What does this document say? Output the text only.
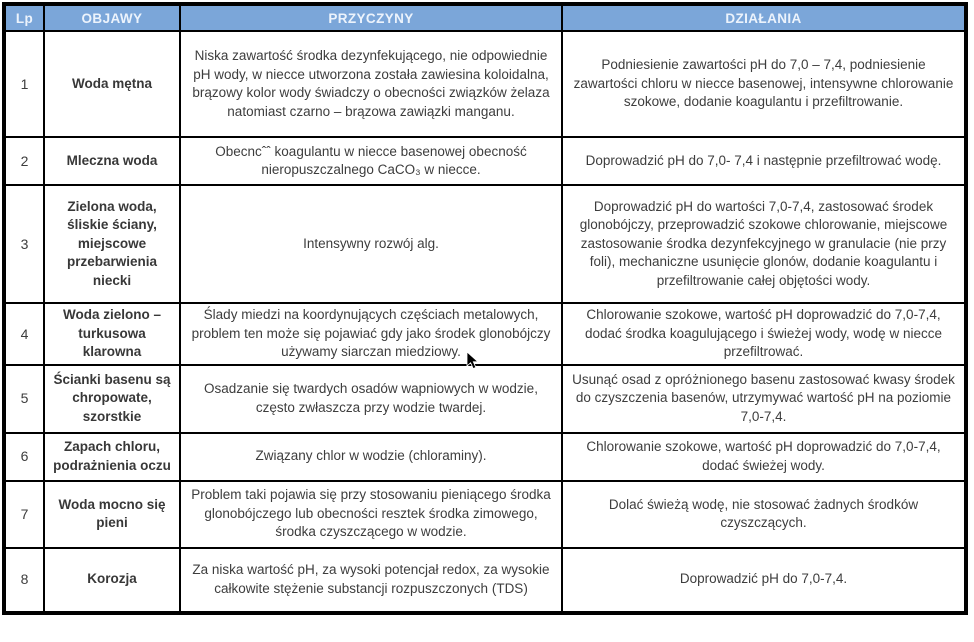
Lp	OBJAWY	PRZYCZYNY	DZIAŁANIA
1	Woda mętna	Niska zawartość środka dezynfekującego, nie odpowiednie pH wody, w niecce utworzona została zawiesina koloidalna, brązowy kolor wody świadczy o obecności związków żelaza natomiast czarno – brązowa zawiązki manganu.	Podniesienie zawartości pH do 7,0 – 7,4, podniesienie zawartości chloru w niecce basenowej, intensywne chlorowanie szokowe, dodanie koagulantu i przefiltrowanie.
2	Mleczna woda	Obecncˆˆ koagulantu w niecce basenowej obecność nieropuszczalnego CaCO₃ w niecce.	Doprowadzić pH do 7,0- 7,4 i następnie przefiltrować wodę.
3	Zielona woda, śliskie ściany, miejscowe przebarwienia niecki	Intensywny rozwój alg.	Doprowadzić pH do wartości 7,0-7,4, zastosować środek glonobójczy, przeprowadzić szokowe chlorowanie, miejscowe zastosowanie środka dezynfekcyjnego w granulacie (nie przy foli), mechaniczne usunięcie glonów, dodanie koagulantu i przefiltrowanie całej objętości wody.
4	Woda zielono – turkusowa klarowna	Ślady miedzi na koordynujących częściach metalowych, problem ten może się pojawiać gdy jako środek glonobójczy używamy siarczan miedziowy.	Chlorowanie szokowe, wartość pH doprowadzić do 7,0-7,4, dodać środka koagulującego i świeżej wody, wodę w niecce przefiltrować.
5	Ścianki basenu są chropowate, szorstkie	Osadzanie się twardych osadów wapniowych w wodzie, często zwłaszcza przy wodzie twardej.	Usunąć osad z opróżnionego basenu zastosować kwasy środek do czyszczenia basenów, utrzymywać wartość pH na poziomie 7,0-7,4.
6	Zapach chloru, podrażnienia oczu	Związany chlor w wodzie (chloraminy).	Chlorowanie szokowe, wartość pH doprowadzić do 7,0-7,4, dodać świeżej wody.
7	Woda mocno się pieni	Problem taki pojawia się przy stosowaniu pieniącego środka glonobójczego lub obecności resztek środka zimowego, środka czyszczącego w wodzie.	Dolać świeżą wodę, nie stosować żadnych środków czyszczących.
8	Korozja	Za niska wartość pH, za wysoki potencjał redox, za wysokie całkowite stężenie substancji rozpuszczonych (TDS)	Doprowadzić pH do 7,0-7,4.
